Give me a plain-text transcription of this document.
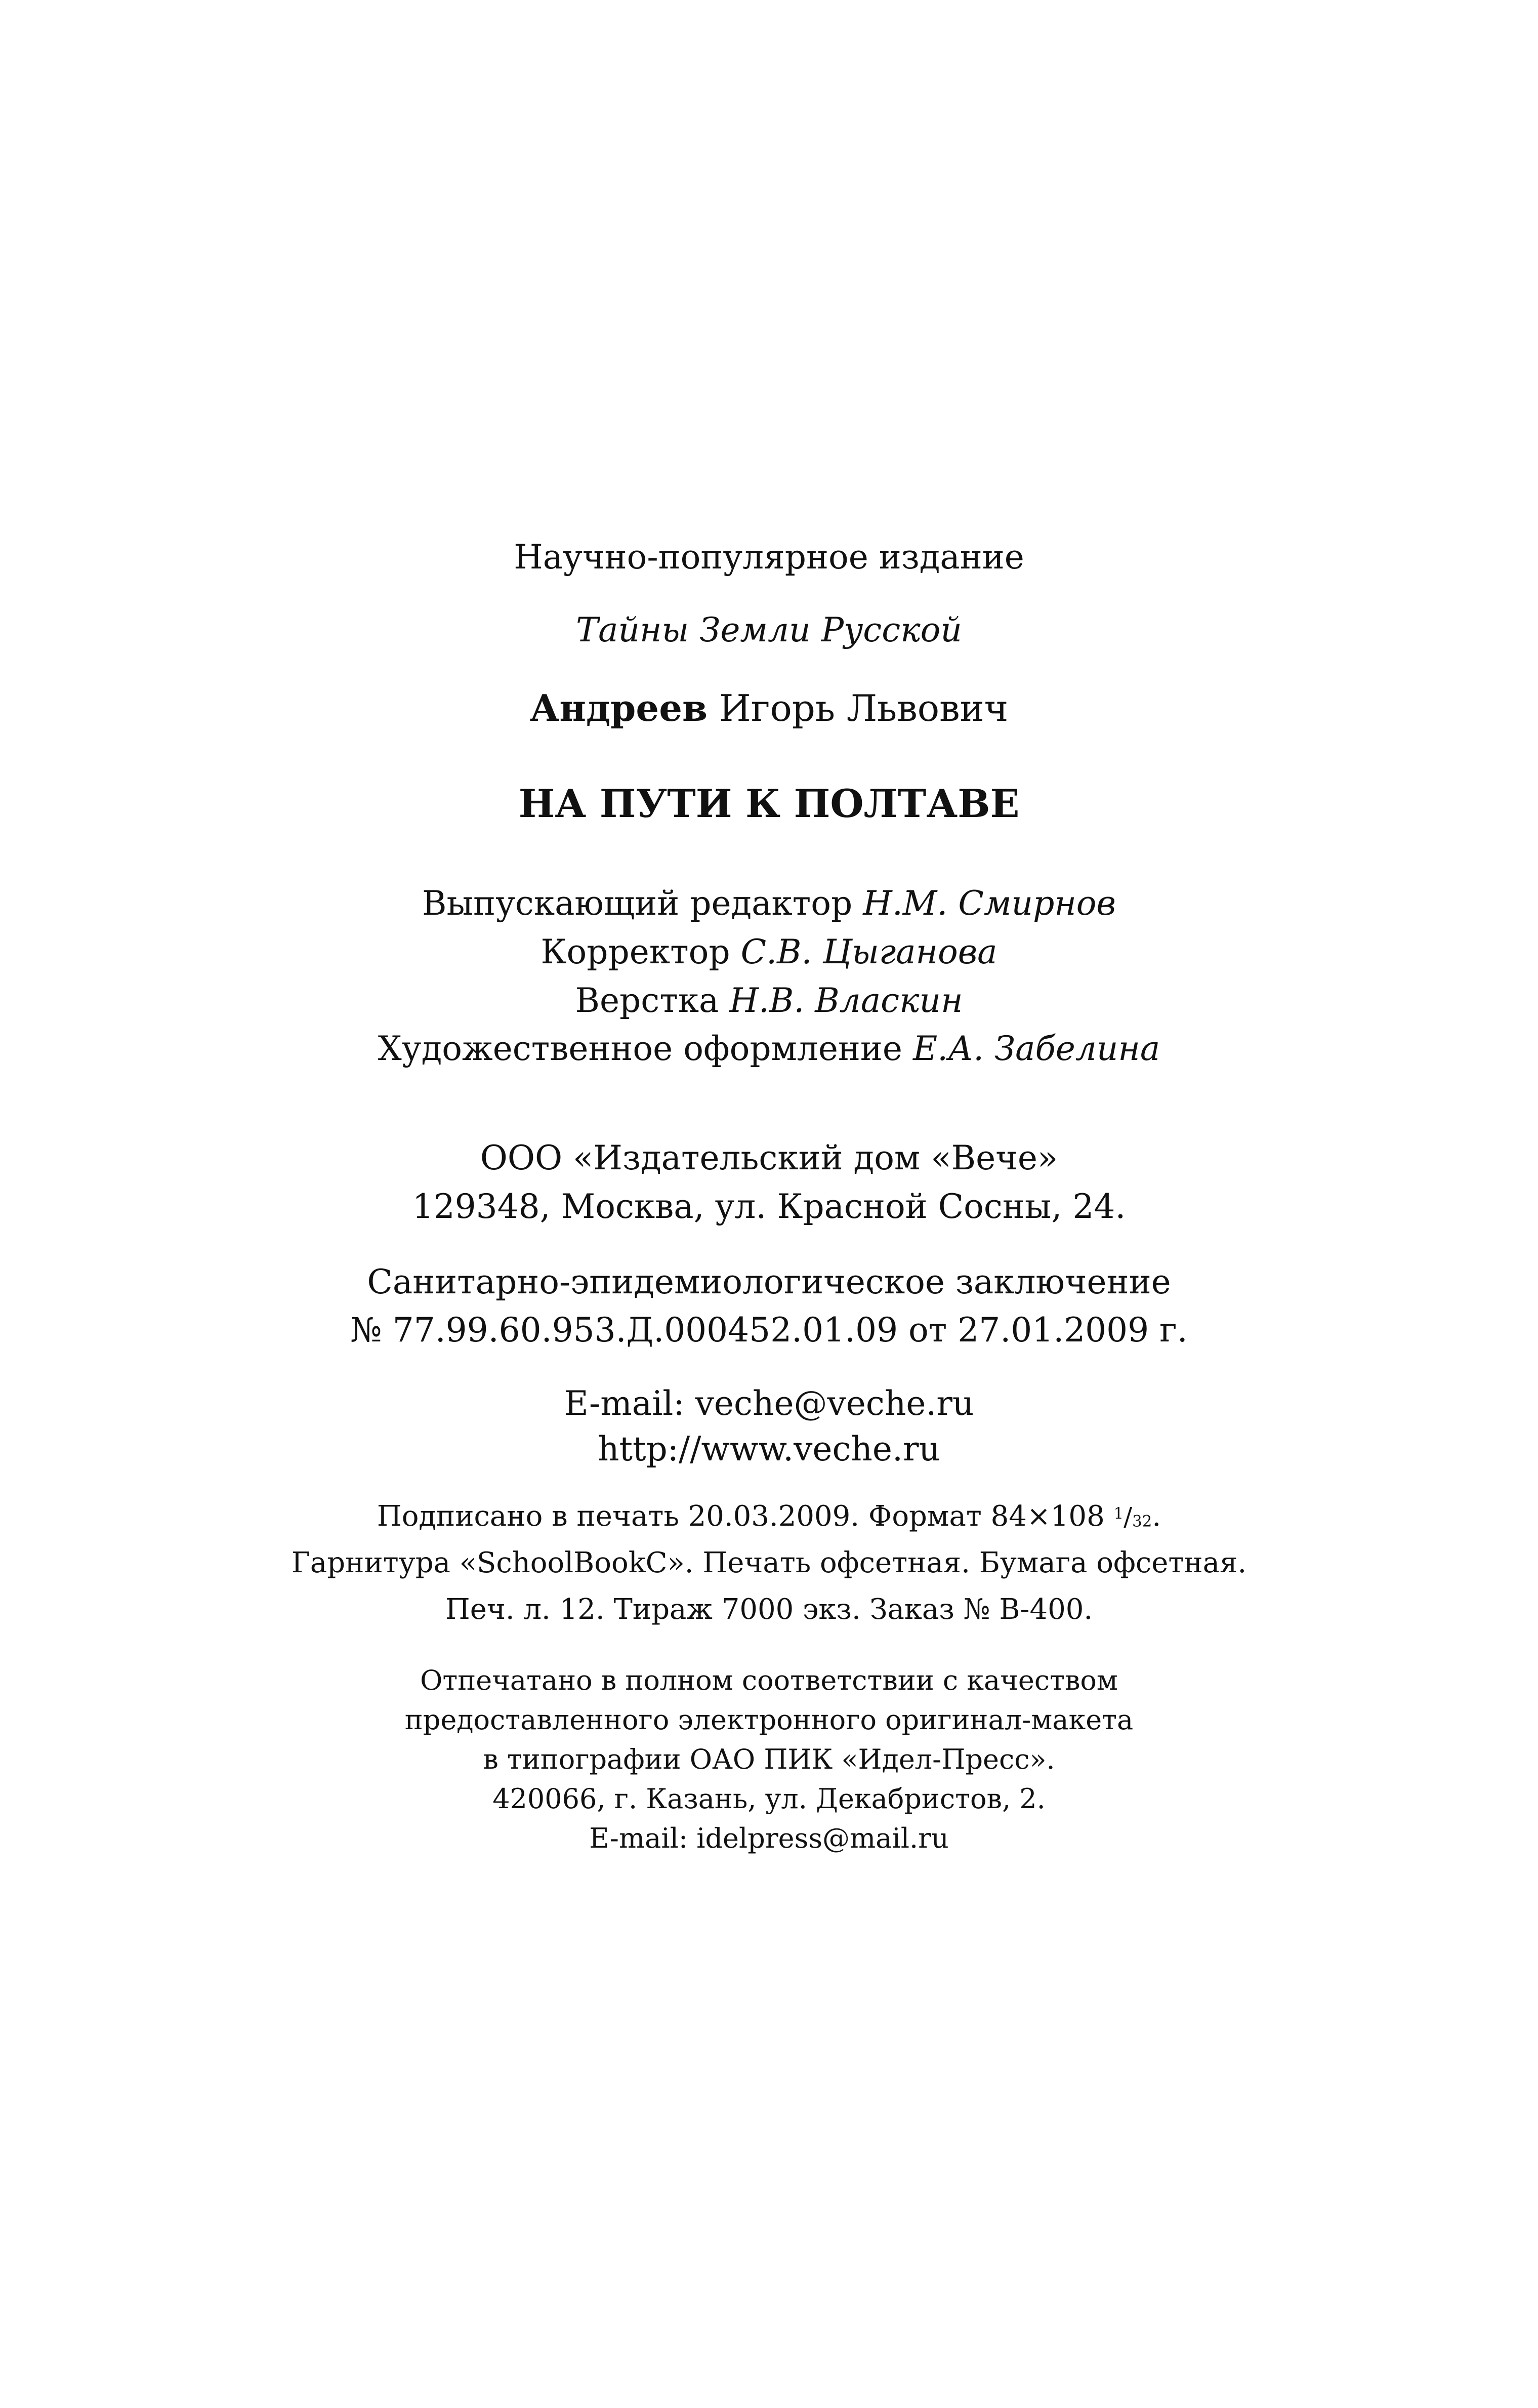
Научно-популярное издание
Тайны Земли Русской
Андреев Игорь Львович
НА ПУТИ К ПОЛТАВЕ
Выпускающий редактор Н.М. Смирнов
Корректор С.В. Цыганова
Верстка Н.В. Власкин
Художественное оформление Е.А. Забелина
ООО «Издательский дом «Вече»
129348, Москва, ул. Красной Сосны, 24.
Санитарно-эпидемиологическое заключение
№ 77.99.60.953.Д.000452.01.09 от 27.01.2009 г.
E-mail: veche@veche.ru
http://www.veche.ru
Подписано в печать 20.03.2009. Формат 84×108 $^1$/32.
Гарнитура «SchoolBookC». Печать офсетная. Бумага офсетная.
Печ. л. 12. Тираж 7000 экз. Заказ № В-400.
Отпечатано в полном соответствии с качеством
предоставленного электронного оригинал-макета
в типографии ОАО ПИК «Идел-Пресс».
420066, г. Казань, ул. Декабристов, 2.
E-mail: idelpress@mail.ru
